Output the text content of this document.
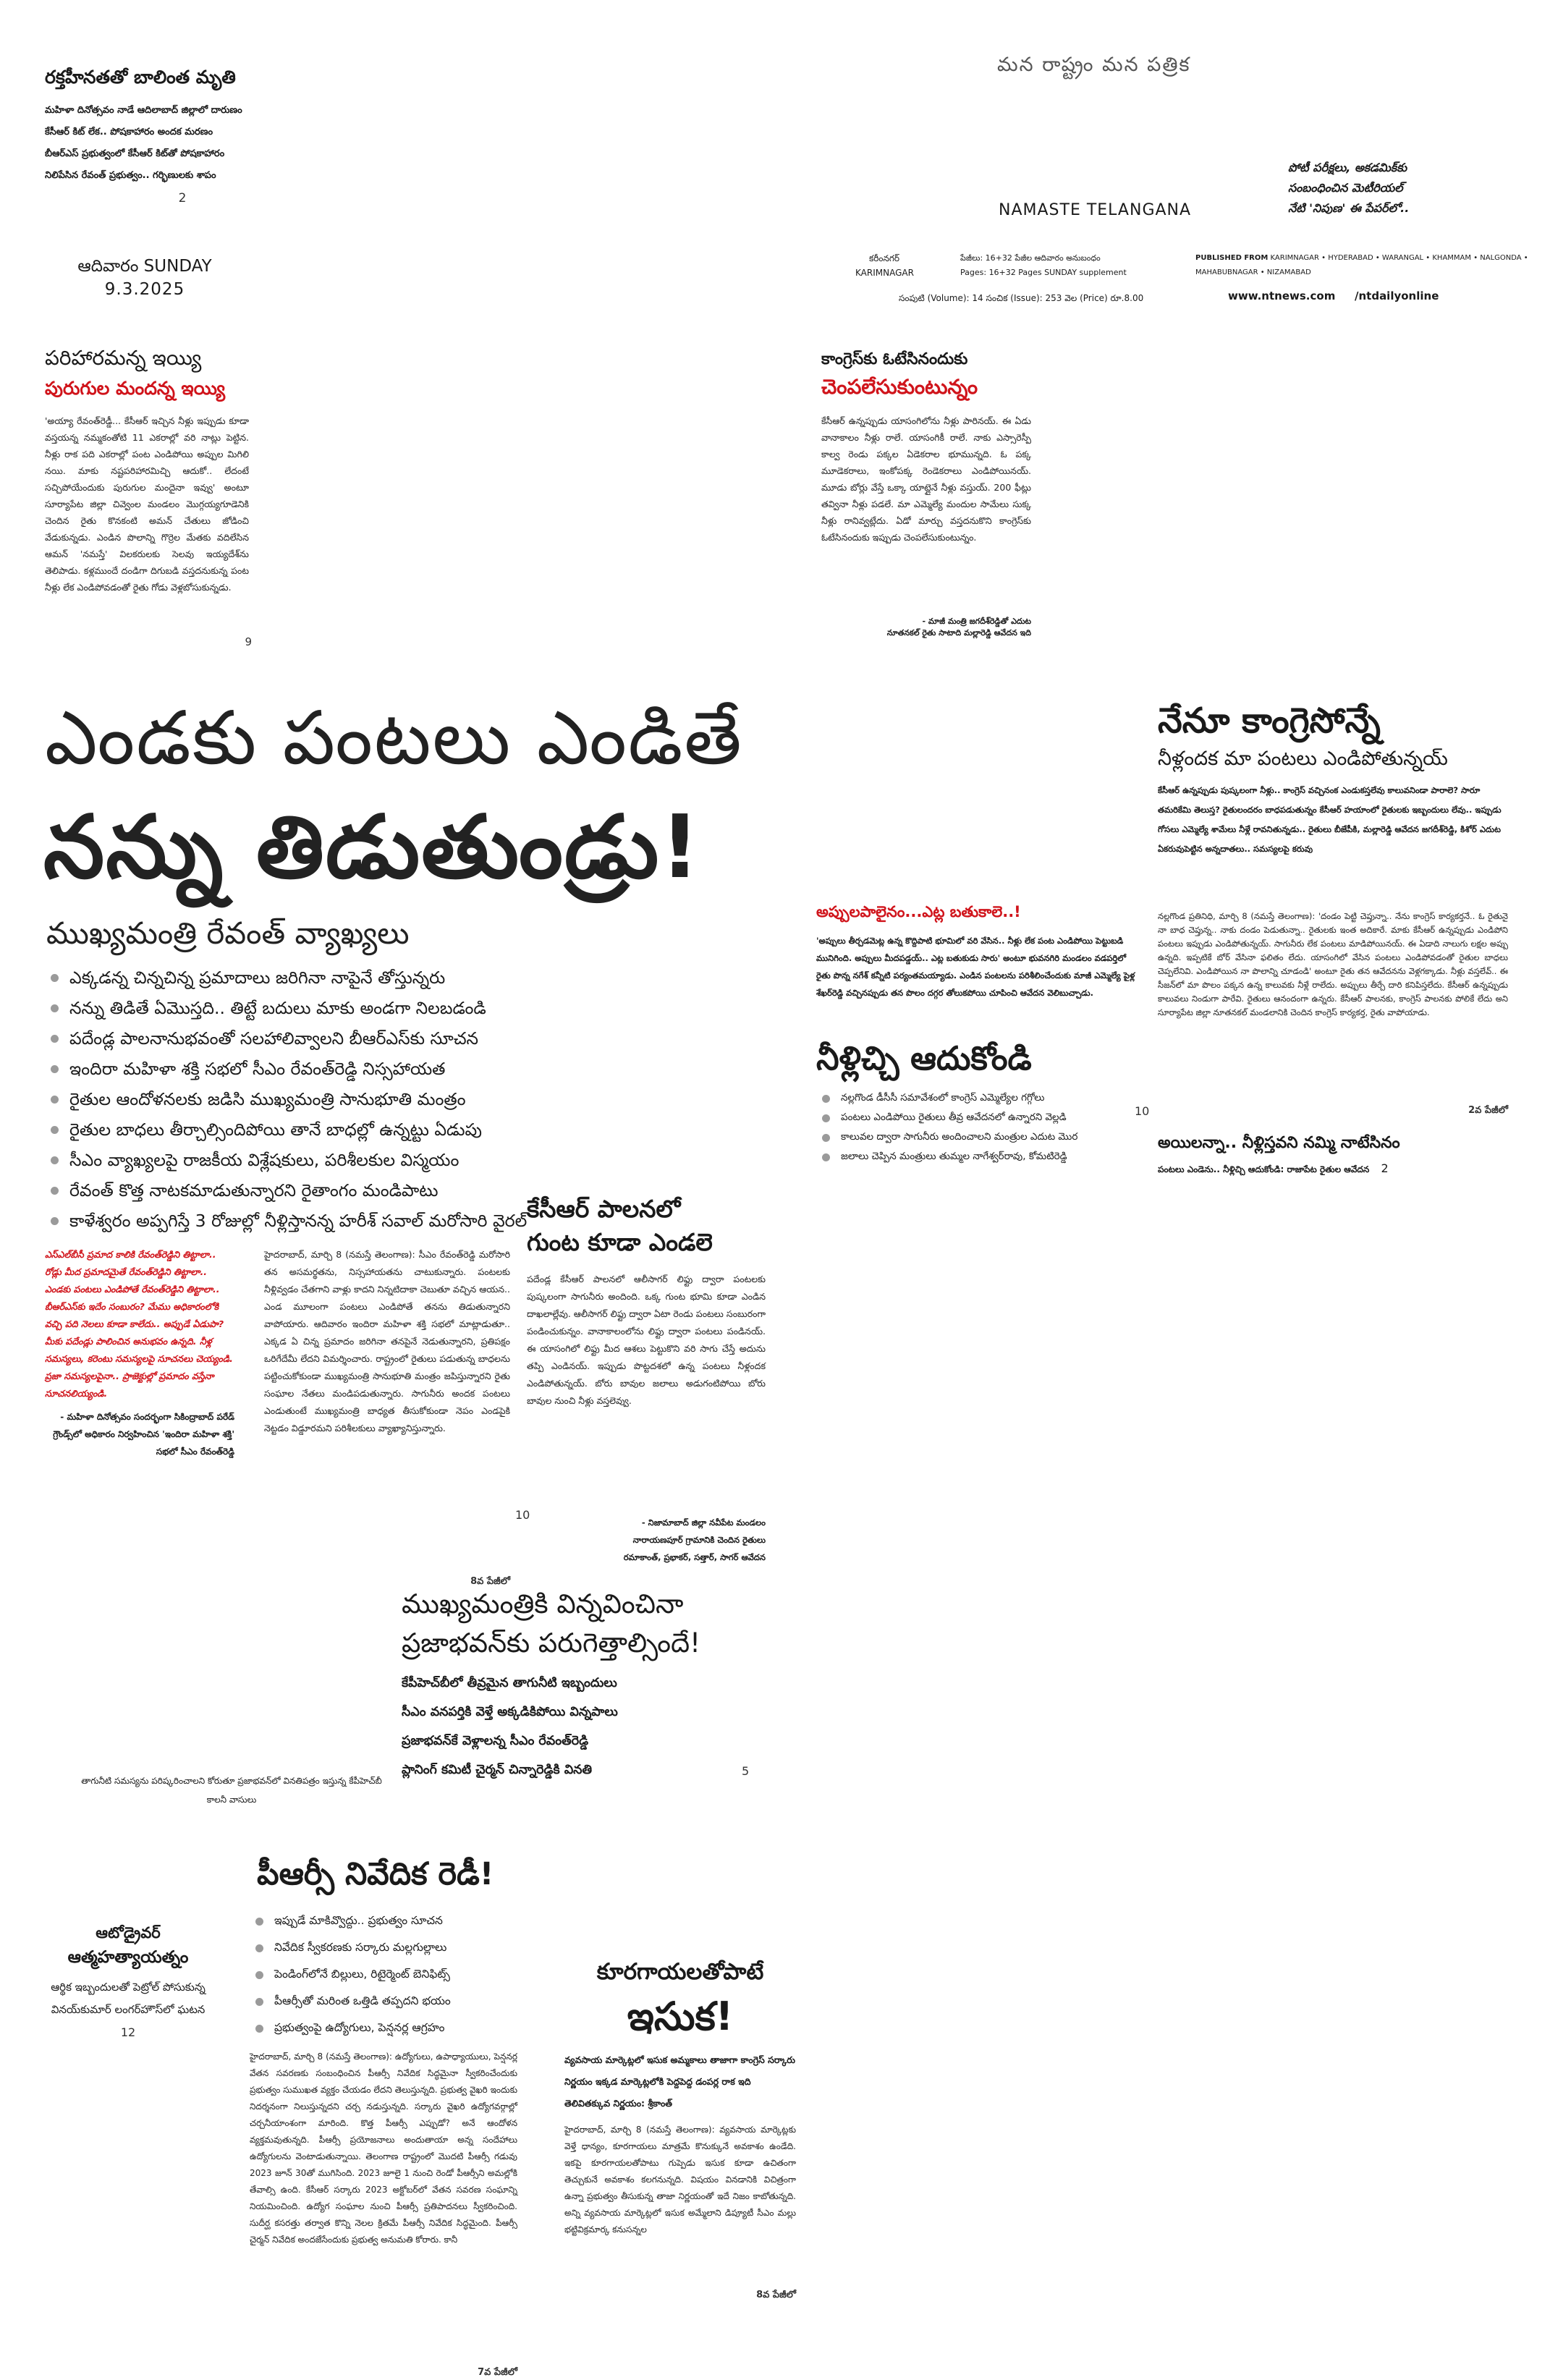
రక్తహీనతతో బాలింత మృతి
మహిళా దినోత్సవం నాడే ఆదిలాబాద్ జిల్లాలో దారుణం
కేసీఆర్ కిట్ లేక.. పోషకాహారం అందక మరణం
బీఆర్ఎస్ ప్రభుత్వంలో కేసీఆర్ కిట్‌తో పోషకాహారం
నిలిపేసిన రేవంత్ ప్రభుత్వం.. గర్భిణులకు శాపం
2
ఆదివారం SUNDAY
9.3.2025
మన రాష్ట్రం మన పత్రిక
NAMASTE TELANGANA
పోటీ పరీక్షలు, అకడమిక్‌కు
సంబంధించిన మెటీరియల్
నేటి 'నిపుణ' ఈ పేపర్‌లో..
కరీంనగర్
KARIMNAGAR
పేజీలు: 16+32 పేజీల ఆదివారం అనుబంధం
Pages: 16+32 Pages SUNDAY supplement
సంపుటి (Volume): 14 సంచిక (Issue): 253 వెల (Price) రూ.8.00
PUBLISHED FROM KARIMNAGAR • HYDERABAD • WARANGAL • KHAMMAM • NALGONDA • MAHABUBNAGAR • NIZAMABAD
www.ntnews.com /ntdailyonline
పరిహారమన్న ఇయ్యి
పురుగుల మందన్న ఇయ్యి
'అయ్యా రేవంత్‌రెడ్డీ... కేసీఆర్ ఇచ్చిన నీళ్లు ఇప్పుడు కూడా వస్తయన్న నమ్మకంతోటి 11 ఎకరాల్లో వరి నాట్లు పెట్టిన. నీళ్లు రాక పది ఎకరాల్లో పంట ఎండిపోయి అప్పుల మిగిలి నయి. మాకు నష్టపరిహారమిచ్చి ఆదుకో.. లేదంటే సచ్చిపోయేందుకు పురుగుల మందైనా ఇవ్వు' అంటూ సూర్యాపేట జిల్లా చివ్వెంల మండలం మొగ్గయ్యగూడెనికి చెందిన రైతు కొనకంటి అమన్ చేతులు జోడించి వేడుకున్నడు. ఎండిన పొలాన్ని గొర్రెల మేతకు వదిలేసిన ఆమన్ 'నమస్తే' విలకరులకు సెలవు ఇయ్యదేశ్‌ను తెలిపాడు. కళ్లముందే దండిగా దిగుబడి వస్తదనుకున్న పంట నీళ్లు లేక ఎండిపోవడంతో రైతు గోడు వెళ్లబోసుకున్నడు.
9
కాంగ్రెస్‌కు ఓటేసినందుకు
చెంపలేసుకుంటున్నం
కేసీఆర్ ఉన్నప్పుడు యాసంగిలోను నీళ్లు పారినయ్. ఈ ఏడు వానాకాలం నీళ్లు రాలే. యాసంగికీ రాలే. నాకు ఎస్సారెస్పీ కాల్వ రెండు పక్కల ఏడెకరాల భూమున్నది. ఓ పక్క మూడెకరాలు, ఇంకోపక్క రెండెకరాలు ఎండిపోయినయ్. మూడు బోర్లు వేస్తే ఒక్కా యాట్లైనే నీళ్లు వస్తుయ్. 200 ఫీట్లు తవ్వినా నీళ్లు పడలే. మా ఎమ్మెల్యే మందుల సామేలు సుక్క నీళ్లు రానివ్వట్లేదు. ఏడో మార్చు వస్తదనుకొని కాంగ్రెస్‌కు ఓటేసినందుకు ఇప్పుడు చెంపలేసుకుంటున్నం.
- మాజీ మంత్రి జగదీశ్‌రెడ్డితో ఎదుట
నూతనకల్ రైతు సాటాది మల్లారెడ్డి ఆవేదన ఇది
ఎండకు పంటలు ఎండితే
నన్ను తిడుతుండ్రు!
ముఖ్యమంత్రి రేవంత్ వ్యాఖ్యలు
ఎక్కడన్న చిన్నచిన్న ప్రమాదాలు జరిగినా నాపైనే తోస్తున్నరు
నన్ను తిడితే ఏమొస్తది.. తిట్టే బదులు మాకు అండగా నిలబడండి
పదేండ్ల పాలనానుభవంతో సలహాలివ్వాలని బీఆర్ఎస్‌కు సూచన
ఇందిరా మహిళా శక్తి సభలో సీఎం రేవంత్‌రెడ్డి నిస్సహాయత
రైతుల ఆందోళనలకు జడిసి ముఖ్యమంత్రి సానుభూతి మంత్రం
రైతుల బాధలు తీర్చాల్సిందిపోయి తానే బాధల్లో ఉన్నట్టు ఏడుపు
సీఎం వ్యాఖ్యలపై రాజకీయ విశ్లేషకులు, పరిశీలకుల విస్మయం
రేవంత్ కొత్త నాటకమాడుతున్నారని రైతాంగం మండిపాటు
కాళేశ్వరం అప్పగిస్తే 3 రోజుల్లో నీళ్లిస్తానన్న హరీశ్ సవాల్ మరోసారి వైరల్
ఎస్‌ఎల్‌బీసీ ప్రమాద కాలికి రేవంత్‌రెడ్డిని తిట్టాలా.. రోడ్లు మీద ప్రమాదమైతే రేవంత్‌రెడ్డిని తిట్టాలా.. ఎండకు పంటలు ఎండిపోతే రేవంత్‌రెడ్డిని తిట్టాలా.. బీఆర్‌ఎస్‌కు ఇదేం సంబురం? మేము అధికారంలోకి వచ్చి పది నెలలు కూడా కాలేదు.. అప్పుడే ఏడుపా? మీకు పదేండ్లు పాలించిన అనుభవం ఉన్నది. నీళ్ల సమస్యలు, కరెంటు సమస్యలపై సూచనలు చెయ్యండి. ప్రజా సమస్యలపైనా.. ప్రాజెక్టుల్లో ప్రమాదం వస్తేనా సూచనలియ్యండి.
- మహిళా దినోత్సవం సందర్భంగా సికింద్రాబాద్ పరేడ్ గ్రౌండ్స్‌లో అధికారం నిర్వహించిన 'ఇందిరా మహిళా శక్తి' సభలో సీఎం రేవంత్‌రెడ్డి
హైదరాబాద్, మార్చి 8 (నమస్తే తెలంగాణ): సీఎం రేవంత్‌రెడ్డి మరోసారి తన అసమర్థతను, నిస్సహాయతను చాటుకున్నారు. పంటలకు నీళ్లివ్వడం చేతగాని వాళ్లు కాదని నిన్నటిదాకా చెబుతూ వచ్చిన ఆయన.. ఎండ మూలంగా పంటలు ఎండిపోతే తనను తిడుతున్నారని వాపోయారు. ఆదివారం ఇందిరా మహిళా శక్తి సభలో మాట్లాడుతూ.. ఎక్కడ ఏ చిన్న ప్రమాదం జరిగినా తనపైనే నెడుతున్నారని, ప్రతిపక్షం ఒరిగేదేమీ లేదని విమర్శించారు. రాష్ట్రంలో రైతులు పడుతున్న బాధలను పట్టించుకోకుండా ముఖ్యమంత్రి సానుభూతి మంత్రం జపిస్తున్నారని రైతు సంఘాల నేతలు మండిపడుతున్నారు. సాగునీరు అందక పంటలు ఎండుతుంటే ముఖ్యమంత్రి బాధ్యత తీసుకోకుండా నెపం ఎండపైకి నెట్టడం విడ్డూరమని పరిశీలకులు వ్యాఖ్యానిస్తున్నారు.
8వ పేజీలో
కేసీఆర్ పాలనలో
గుంట కూడా ఎండలె
పదేండ్ల కేసీఆర్ పాలనలో ఆలీసాగర్ లిఫ్టు ద్వారా పంటలకు పుష్కలంగా సాగునీరు అందింది. ఒక్క గుంట భూమి కూడా ఎండిన దాఖలాల్లేవు. ఆలీసాగర్ లిఫ్టు ద్వారా ఏటా రెండు పంటలు సంబురంగా పండించుకున్నం. వానాకాలంలోను లిఫ్టు ద్వారా పంటలు పండినయ్. ఈ యాసంగిలో లిఫ్టు మీద ఆశలు పెట్టుకొని వరి సాగు చేస్తే అదును తప్పి ఎండినయ్. ఇప్పుడు పొట్టదశలో ఉన్న పంటలు నీళ్లందక ఎండిపోతున్నయ్. బోరు బావుల జలాలు అడుగంటిపోయి బోరు బావుల నుంచి నీళ్లు వస్తలెవ్వు.
- నిజామాబాద్ జిల్లా నవీపేట మండలం
నారాయణపూర్ గ్రామానికి చెందిన రైతులు
రమాకాంత్, ప్రభాకర్, సత్తార్, సాగర్ ఆవేదన
10
అప్పులపాలైనం...ఎట్ల బతుకాలె..!
'అప్పులు తీర్చడమెట్ల ఉన్న కొద్దిపాటి భూమిలో వరి వేసిన.. నీళ్లు లేక పంట ఎండిపోయి పెట్టుబడి మునిగింది. అప్పులు మీదపడ్డయ్.. ఎట్ల బతుకుడు సారు' అంటూ భువనగిరి మండలం వడపర్తిలో రైతు పొన్న నగేశ్ కన్నీటి పర్యంతమయ్యాడు. ఎండిన పంటలను పరిశీలించేందుకు మాజీ ఎమ్మెల్యే పైళ్ల శేఖర్‌రెడ్డి వచ్చినప్పుడు తన పొలం దగ్గర తోలుకపోయి చూపించి ఆవేదన వెలిబుచ్చాడు.
నీళ్లిచ్చి ఆదుకోండి
నల్లగొండ డీసీసీ సమావేశంలో కాంగ్రెస్ ఎమ్మెల్యేల గగ్గోలు
పంటలు ఎండిపోయి రైతులు తీవ్ర ఆవేదనలో ఉన్నారని వెల్లడి
కాలువల ద్వారా సాగునీరు అందించాలని మంత్రుల ఎదుట మొర
జలాలు చెప్పిన మంత్రులు తుమ్మల నాగేశ్వర్‌రావు, కోమటిరెడ్డి
10
నేనూ కాంగ్రెసోన్నే
నీళ్లందక మా పంటలు ఎండిపోతున్నయ్
కేసీఆర్ ఉన్నప్పుడు పుష్కలంగా నీళ్లు.. కాంగ్రెస్ వచ్చినంక ఎండుకస్తలేవు కాలువనిండా పారాలె? సారూ తమరికేమి తెలుస్త? రైతులందరం బాధపడుతున్నం కేసీఆర్ హయాంలో రైతులకు ఇబ్బందులు లేవు.. ఇప్పుడు గోసలు ఎమ్మెల్యే శామేలు నీళ్లే రావనితున్నడు.. రైతులు బీజేపీకి, మల్లారెడ్డి ఆవేదన జగదీశ్‌రెడ్డి, కిశోర్ ఎదుట ఏకరువుపెట్టిన అన్నదాతలు.. సమస్యలపై కరువు
నల్లగొండ ప్రతినిధి, మార్చి 8 (నమస్తే తెలంగాణ): 'దండం పెట్టి చెప్తున్నా.. నేను కాంగ్రెస్ కార్యకర్తనే.. ఓ రైతునై నా బాధ చెప్తున్న.. నాకు దండం పెడుతున్నా.. రైతులకు ఇంత అదికారే. మాకు కేసీఆర్ ఉన్నప్పుడు ఎండిపోని పంటలు ఇప్పుడు ఎండిపోతున్నయ్. సాగునీరు లేక పంటలు మాడిపోయినయ్. ఈ ఏడాది నాలుగు లక్షల అప్పు ఉన్నది. ఇప్పటికే బోర్‌ వేసినా ఫలితం లేదు. యాసంగిలో వేసిన పంటలు ఎండిపోవడంతో రైతుల బాధలు చెప్పలేనివి. ఎండిపోయిన నా పొలాన్ని చూడండి' అంటూ రైతు తన ఆవేదనను వెళ్లగక్కాడు. నీళ్లు వస్తలేవ్.. ఈ సీజన్‌లో మా పొలం పక్కన ఉన్న కాలువకు నీళ్లే రాలేదు. అప్పులు తీర్చే దారి కనిపిస్తలేదు. కేసీఆర్ ఉన్నప్పుడు కాలువలు నిండుగా పారేవి. రైతులు ఆనందంగా ఉన్నరు. కేసీఆర్ పాలనకు, కాంగ్రెస్ పాలనకు పోలికే లేదు అని సూర్యాపేట జిల్లా నూతనకల్ మండలానికి చెందిన కాంగ్రెస్ కార్యకర్త, రైతు వాపోయాడు.
2వ పేజీలో
అయిలన్నా.. నీళ్లిస్తవని నమ్మి నాటేసినం
పంటలు ఎండెను.. నీళ్లిచ్చి ఆదుకోండి: రాజాపేట రైతుల ఆవేదన 2
ముఖ్యమంత్రికి విన్నవించినా
ప్రజాభవన్‌కు పరుగెత్తాల్సిందే!
కేపీహెచ్‌బీలో తీవ్రమైన తాగునీటి ఇబ్బందులు
సీఎం వనపర్తికి వెళ్తే అక్కడికిపోయి విన్నపాలు
ప్రజాభవన్‌కే వెళ్లాలన్న సీఎం రేవంత్‌రెడ్డి
ప్లానింగ్ కమిటీ చైర్మన్ చిన్నారెడ్డికి వినతి	5
తాగునీటి సమస్యను పరిష్కరించాలని కోరుతూ ప్రజాభవన్‌లో వినతిపత్రం ఇస్తున్న కేపీహెచ్‌బీ కాలనీ వాసులు
పీఆర్సీ నివేదిక రెడీ!
ఇప్పుడే మాకివ్వొద్దు.. ప్రభుత్వం సూచన
నివేదిక స్వీకరణకు సర్కారు మల్లగుల్లాలు
పెండింగ్‌లోనే బిల్లులు, రిటైర్మెంట్ బెనిఫిట్స్
పీఆర్సీతో మరింత ఒత్తిడి తప్పదని భయం
ప్రభుత్వంపై ఉద్యోగులు, పెన్షనర్ల ఆగ్రహం
హైదరాబాద్, మార్చి 8 (నమస్తే తెలంగాణ): ఉద్యోగులు, ఉపాధ్యాయులు, పెన్షనర్ల వేతన సవరణకు సంబంధించిన పీఆర్సీ నివేదిక సిద్ధమైనా స్వీకరించేందుకు ప్రభుత్వం సుముఖత వ్యక్తం చేయడం లేదని తెలుస్తున్నది. ప్రభుత్వ వైఖరి ఇందుకు నిదర్శనంగా నిలుస్తున్నదని చర్చ నడుస్తున్నది. సర్కారు వైఖరి ఉద్యోగవర్గాల్లో చర్చనీయాంశంగా మారింది. కొత్త పీఆర్సీ ఎప్పుడో? అనే ఆందోళన వ్యక్తమవుతున్నది. పీఆర్సీ ప్రయోజనాలు అందుతాయా అన్న సందేహాలు ఉద్యోగులను వెంటాడుతున్నాయి. తెలంగాణ రాష్ట్రంలో మొదటి పీఆర్సీ గడువు 2023 జూన్ 30తో ముగిసింది. 2023 జూలై 1 నుంచి రెండో పీఆర్సీని అమల్లోకి తేవాల్సి ఉంది. కేసీఆర్ సర్కారు 2023 అక్టోబర్‌లో వేతన సవరణ సంఘాన్ని నియమించింది. ఉద్యోగ సంఘాల నుంచి పీఆర్సీ ప్రతిపాదనలు స్వీకరించింది. సుదీర్ఘ కసరత్తు తర్వాత కొన్ని నెలల క్రితమే పీఆర్సీ నివేదిక సిద్ధమైంది. పీఆర్సీ చైర్మన్ నివేదిక అందజేసేందుకు ప్రభుత్వ అనుమతి కోరారు. కానీ
7వ పేజీలో
కూరగాయలతోపాటే
ఇసుక!
వ్యవసాయ మార్కెట్లలో ఇసుక అమ్మకాలు తాజాగా కాంగ్రెస్ సర్కారు నిర్ణయం ఇక్కడ మార్కెట్లలోకి పెద్దపెద్ద డంపర్ల రాక ఇది తెలివితక్కువ నిర్ణయం: శ్రీకాంత్
హైదరాబాద్, మార్చి 8 (నమస్తే తెలంగాణ): వ్యవసాయ మార్కెట్లకు వెళ్తే ధాన్యం, కూరగాయలు మాత్రమే కొనుక్కునే అవకాశం ఉండేది. ఇకపై కూరగాయలతోపాటు గుప్పెడు ఇసుక కూడా ఉచితంగా తెచ్చుకునే అవకాశం కలగనున్నది. విషయం వినడానికి విచిత్రంగా ఉన్నా ప్రభుత్వం తీసుకున్న తాజా నిర్ణయంతో ఇదే నిజం కాబోతున్నది. అన్ని వ్యవసాయ మార్కెట్లలో ఇసుక అమ్మేలాని డిప్యూటీ సీఎం మల్లు భట్టివిక్రమార్క కనుసన్నల
8వ పేజీలో
ఆటోడ్రైవర్
ఆత్మహత్యాయత్నం
ఆర్థిక ఇబ్బందులతో పెట్రోల్ పోసుకున్న వినయ్‌కుమార్ లంగర్‌హౌస్‌లో ఘటన
12
